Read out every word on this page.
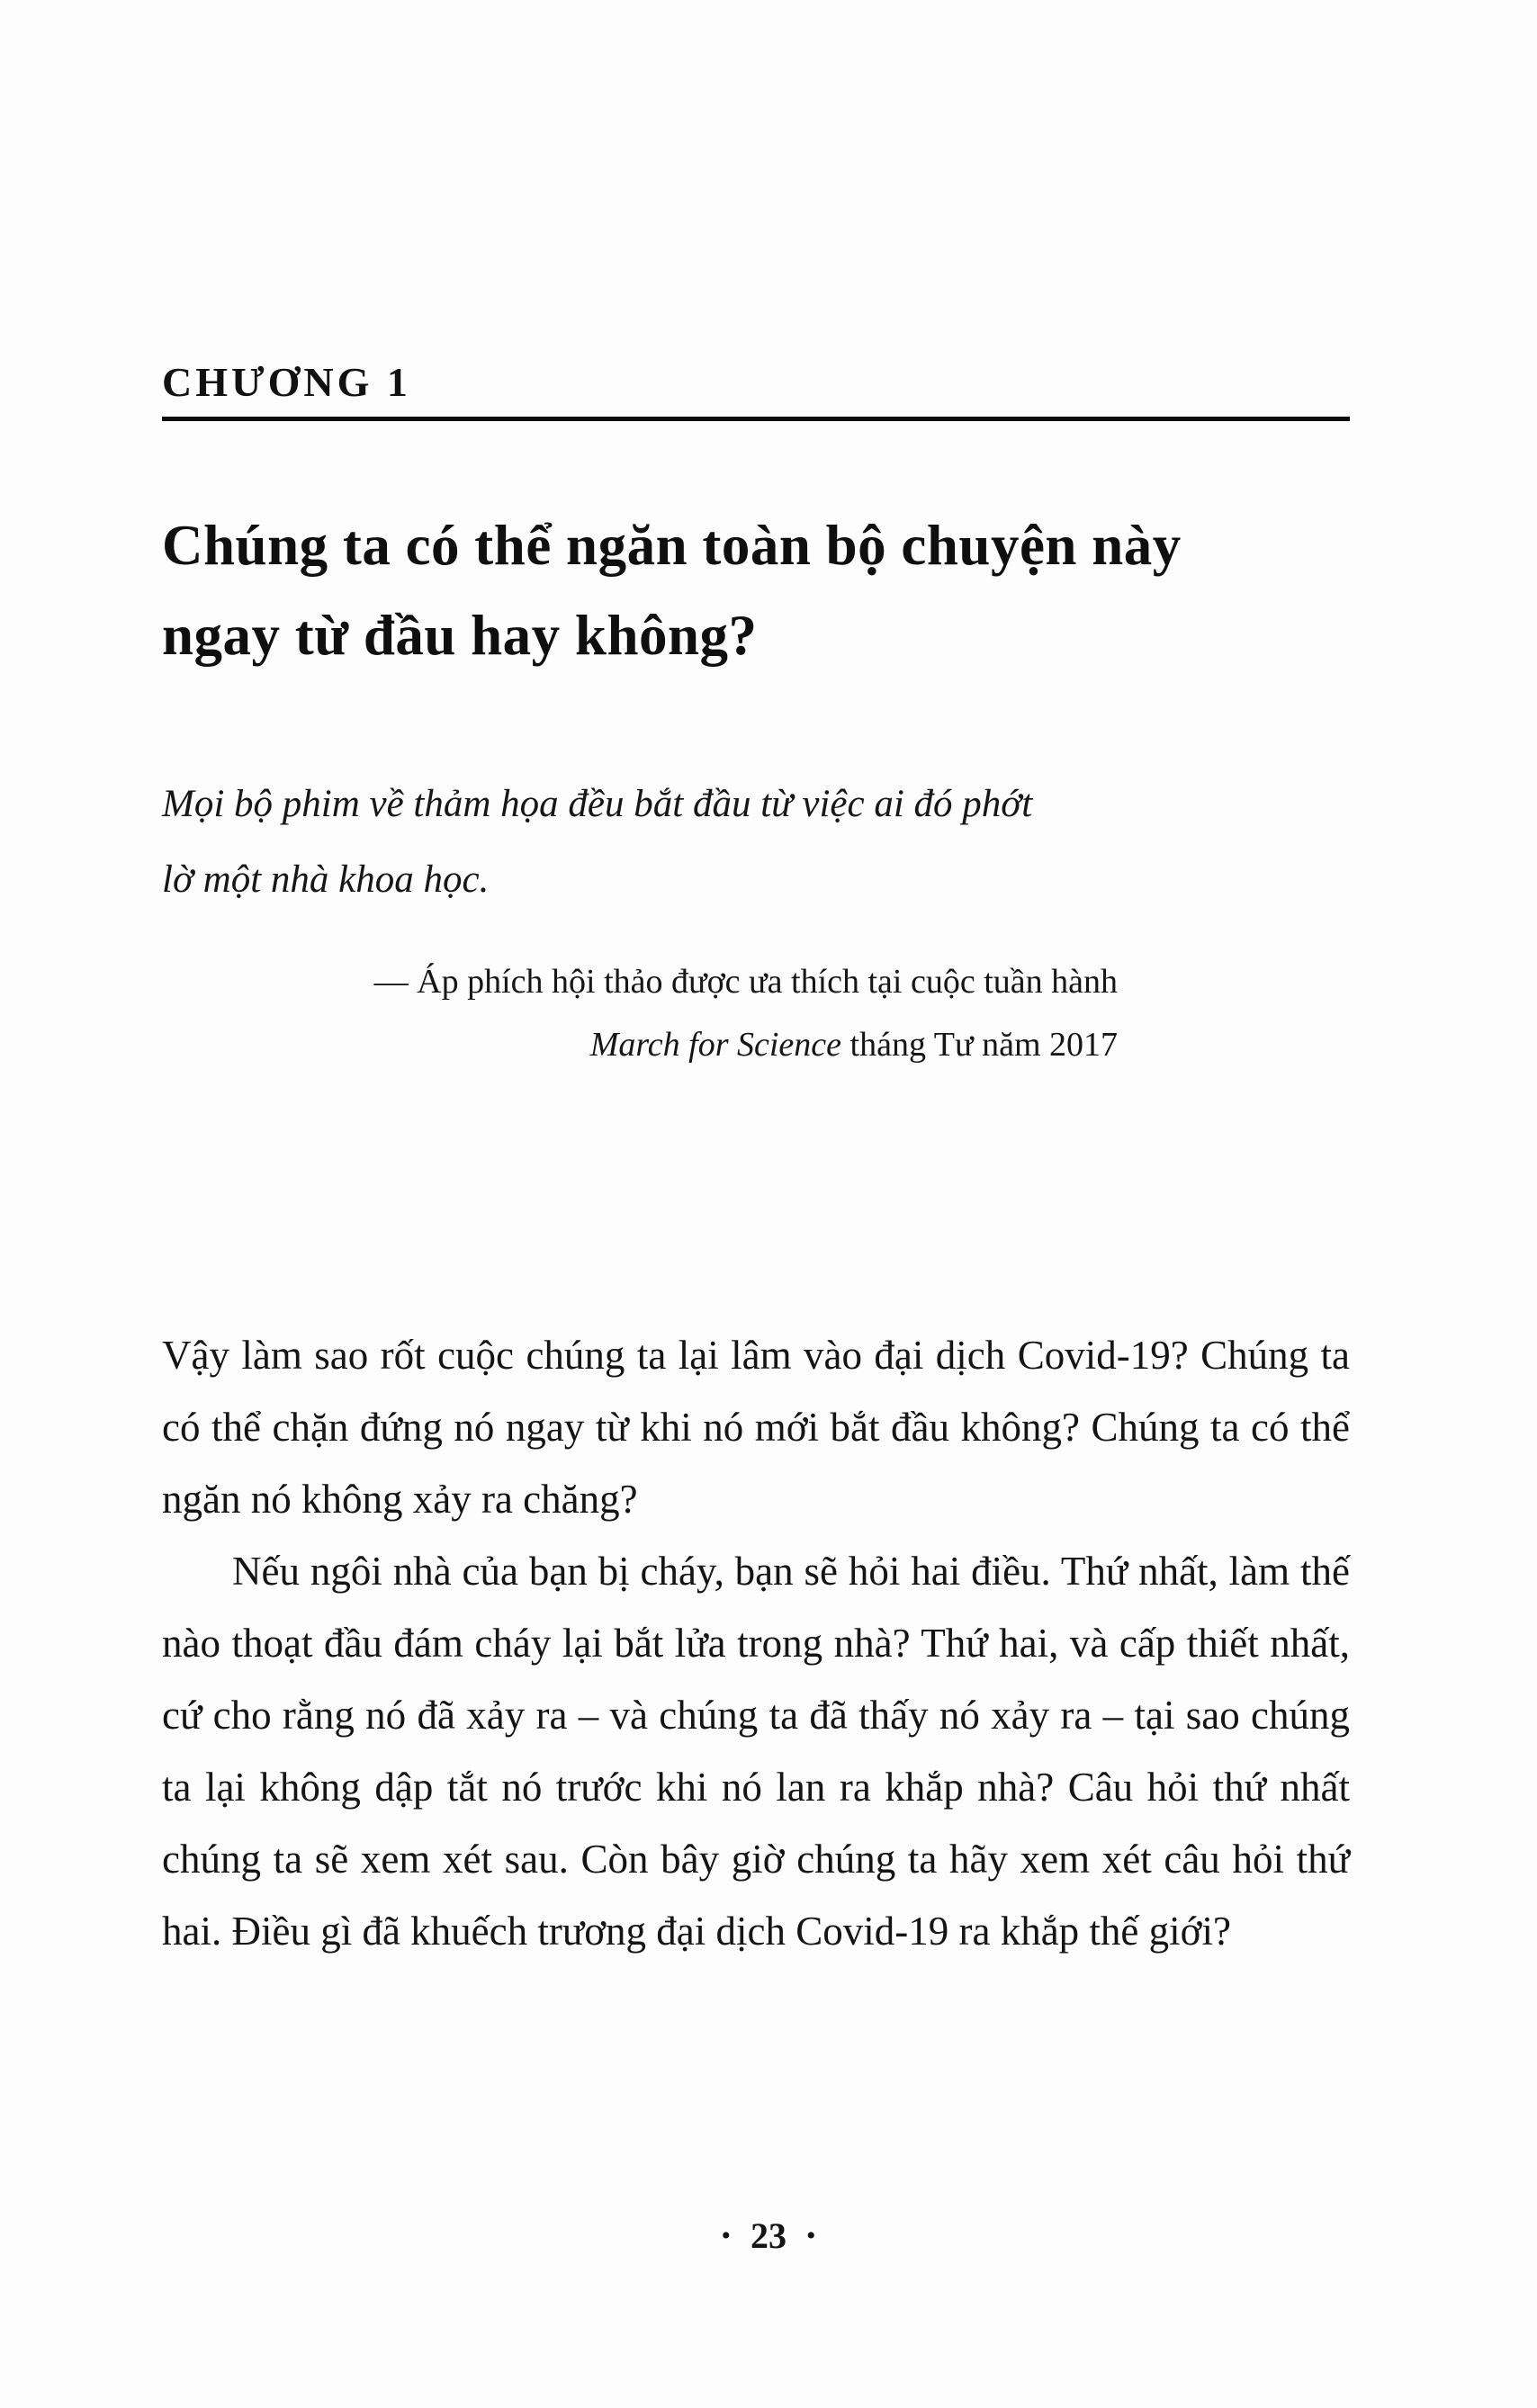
CHƯƠNG 1
Chúng ta có thể ngăn toàn bộ chuyện này ngay từ đầu hay không?
Mọi bộ phim về thảm họa đều bắt đầu từ việc ai đó phớt lờ một nhà khoa học.
— Áp phích hội thảo được ưa thích tại cuộc tuần hành
March for Science tháng Tư năm 2017

Vậy làm sao rốt cuộc chúng ta lại lâm vào đại dịch Covid-19? Chúng ta có thể chặn đứng nó ngay từ khi nó mới bắt đầu không? Chúng ta có thể ngăn nó không xảy ra chăng?

Nếu ngôi nhà của bạn bị cháy, bạn sẽ hỏi hai điều. Thứ nhất, làm thế nào thoạt đầu đám cháy lại bắt lửa trong nhà? Thứ hai, và cấp thiết nhất, cứ cho rằng nó đã xảy ra – và chúng ta đã thấy nó xảy ra – tại sao chúng ta lại không dập tắt nó trước khi nó lan ra khắp nhà? Câu hỏi thứ nhất chúng ta sẽ xem xét sau. Còn bây giờ chúng ta hãy xem xét câu hỏi thứ hai. Điều gì đã khuếch trương đại dịch Covid-19 ra khắp thế giới?

• 23 •
